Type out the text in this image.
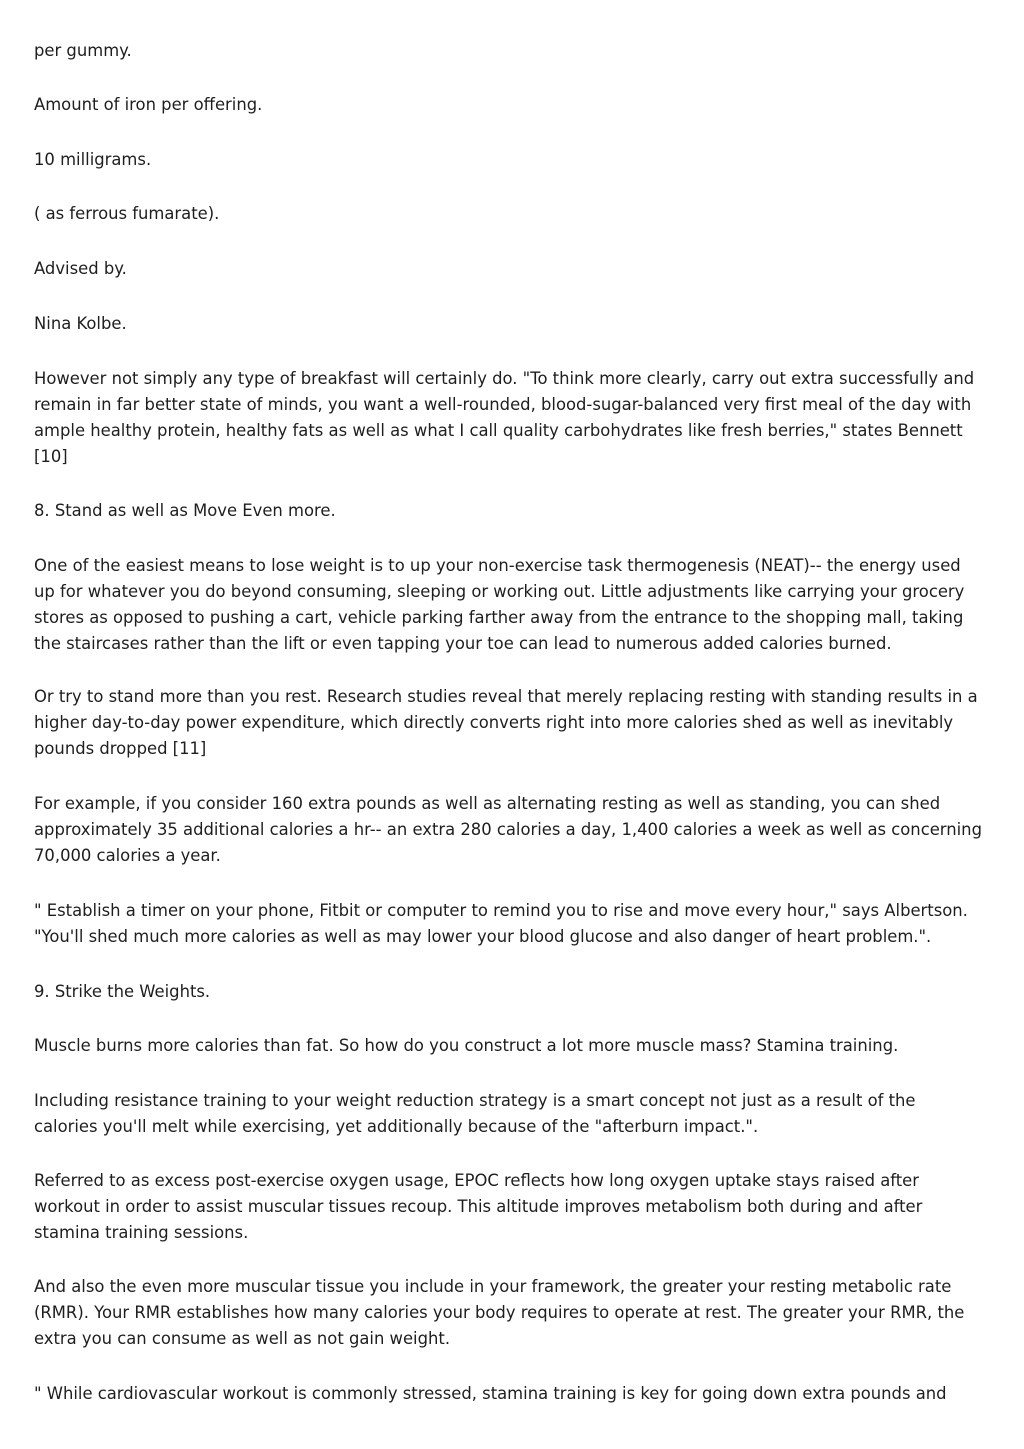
per gummy.

Amount of iron per offering.

10 milligrams.

( as ferrous fumarate).

Advised by.

Nina Kolbe.

However not simply any type of breakfast will certainly do. "To think more clearly, carry out extra successfully and
remain in far better state of minds, you want a well-rounded, blood-sugar-balanced very first meal of the day with
ample healthy protein, healthy fats as well as what I call quality carbohydrates like fresh berries," states Bennett
[10]

8. Stand as well as Move Even more.

One of the easiest means to lose weight is to up your non-exercise task thermogenesis (NEAT)-- the energy used
up for whatever you do beyond consuming, sleeping or working out. Little adjustments like carrying your grocery
stores as opposed to pushing a cart, vehicle parking farther away from the entrance to the shopping mall, taking
the staircases rather than the lift or even tapping your toe can lead to numerous added calories burned.

Or try to stand more than you rest. Research studies reveal that merely replacing resting with standing results in a
higher day-to-day power expenditure, which directly converts right into more calories shed as well as inevitably
pounds dropped [11]

For example, if you consider 160 extra pounds as well as alternating resting as well as standing, you can shed
approximately 35 additional calories a hr-- an extra 280 calories a day, 1,400 calories a week as well as concerning
70,000 calories a year.

" Establish a timer on your phone, Fitbit or computer to remind you to rise and move every hour," says Albertson.
"You'll shed much more calories as well as may lower your blood glucose and also danger of heart problem.".

9. Strike the Weights.

Muscle burns more calories than fat. So how do you construct a lot more muscle mass? Stamina training.

Including resistance training to your weight reduction strategy is a smart concept not just as a result of the
calories you'll melt while exercising, yet additionally because of the "afterburn impact.".

Referred to as excess post-exercise oxygen usage, EPOC reflects how long oxygen uptake stays raised after
workout in order to assist muscular tissues recoup. This altitude improves metabolism both during and after
stamina training sessions.

And also the even more muscular tissue you include in your framework, the greater your resting metabolic rate
(RMR). Your RMR establishes how many calories your body requires to operate at rest. The greater your RMR, the
extra you can consume as well as not gain weight.

" While cardiovascular workout is commonly stressed, stamina training is key for going down extra pounds and
